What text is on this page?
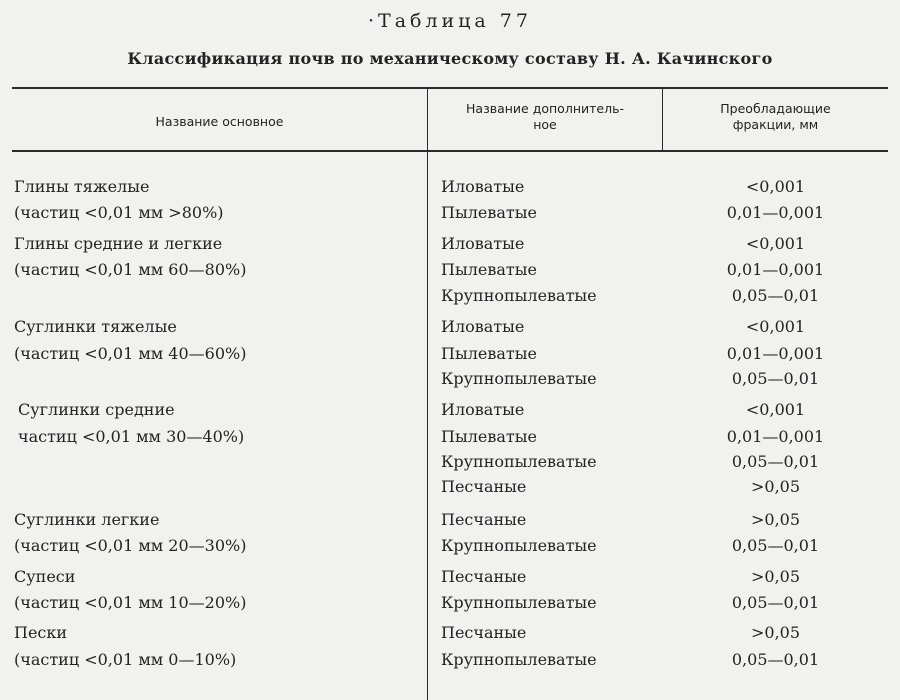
·Таблица 77
Классификация почв по механическому составу Н. А. Качинского
Название основное
Название дополнитель-
ное
Преобладающие
фракции, мм
Глины тяжелые
(частиц <0,01 мм >80%)
Иловатые
Пылеватые
<0,001
0,01—0,001
Глины средние и легкие
(частиц <0,01 мм 60—80%)
Иловатые
Пылеватые
Крупнопылеватые
<0,001
0,01—0,001
0,05—0,01
Суглинки тяжелые
(частиц <0,01 мм 40—60%)
Иловатые
Пылеватые
Крупнопылеватые
<0,001
0,01—0,001
0,05—0,01
Суглинки средние
частиц <0,01 мм 30—40%)
Иловатые
Пылеватые
Крупнопылеватые
Песчаные
<0,001
0,01—0,001
0,05—0,01
>0,05
Суглинки легкие
(частиц <0,01 мм 20—30%)
Песчаные
Крупнопылеватые
>0,05
0,05—0,01
Супеси
(частиц <0,01 мм 10—20%)
Песчаные
Крупнопылеватые
>0,05
0,05—0,01
Пески
(частиц <0,01 мм 0—10%)
Песчаные
Крупнопылеватые
>0,05
0,05—0,01
